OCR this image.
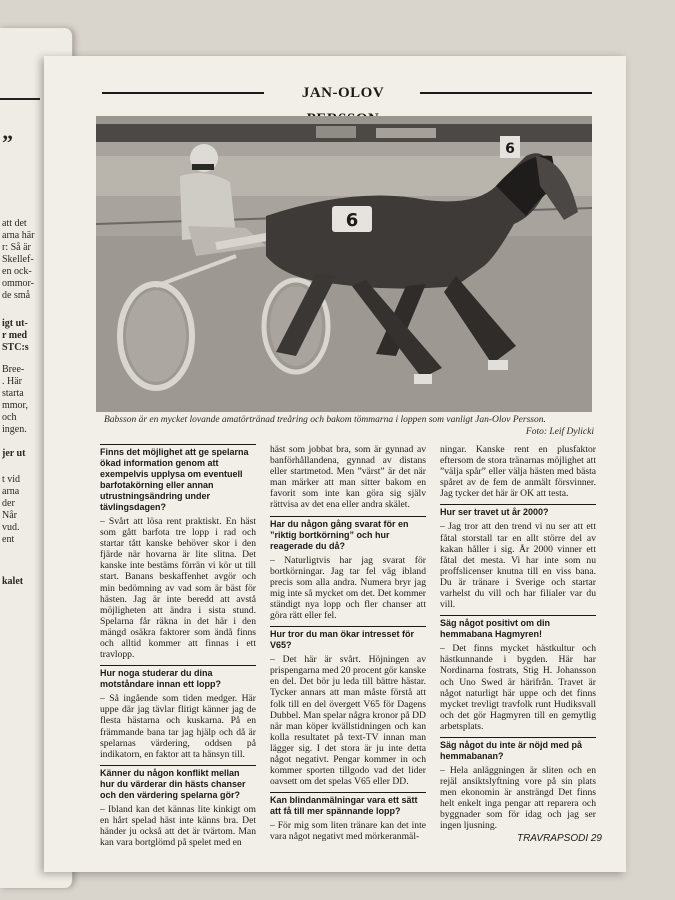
”
att det
arna här
r: Så är
Skellef-
en ock-
ommor-
de små
igt ut-
r med
STC:s
Bree-
. Här
starta
mmor,
och
ingen.
jer ut
t vid
arna
der
Når
vud.
ent
kalet
JAN-OLOV
6
6
Babsson är en mycket lovande amatörtränad treåring och bakom tömmarna i loppen som vanligt Jan-Olov Persson.
Foto: Leif Dylicki

Finns det möjlighet att ge spelarna ökad information genom att exempelvis upplysa om eventuell barfotakörning eller annan utrustningsändring under tävlingsdagen?

– Svårt att lösa rent praktiskt. En häst som gått barfota tre lopp i rad och startar tått kanske behöver skor i den fjärde när hovarna är lite slitna. Det kanske inte bestäms förrän vi kör ut till start. Banans beskaffenhet avgör och min bedömning av vad som är bäst för hästen. Jag är inte beredd att avstå möjligheten att ändra i sista stund. Spelarna får räkna in det här i den mängd osäkra faktorer som ändå finns och alltid kommer att finnas i ett travlopp.

Hur noga studerar du dina motståndare innan ett lopp?

– Så ingående som tiden medger. Här uppe där jag tävlar flitigt känner jag de flesta hästarna och kuskarna. På en främmande bana tar jag hjälp och då är spelarnas värdering, oddsen på indikatorn, en faktor att ta hänsyn till.

Känner du någon konflikt mellan hur du värderar din hästs chanser och den värdering spelarna gör?

– Ibland kan det kännas lite kinkigt om en hårt spelad häst inte känns bra. Det händer ju också att det är tvärtom. Man kan vara bortglömd på spelet med en

häst som jobbat bra, som är gynnad av banförhållandena, gynnad av distans eller startmetod. Men ”värst” är det när man märker att man sitter bakom en favorit som inte kan göra sig själv rättvisa av det ena eller andra skälet.

Har du någon gång svarat för en ”riktig bortkörning” och hur reagerade du då?

– Naturligtvis har jag svarat för bortkörningar. Jag tar fel väg ibland precis som alla andra. Numera bryr jag mig inte så mycket om det. Det kommer ständigt nya lopp och fler chanser att göra rätt eller fel.

Hur tror du man ökar intresset för V65?

– Det här är svårt. Höjningen av prispengarna med 20 procent gör kanske en del. Det bör ju leda till bättre hästar. Tycker annars att man måste förstå att folk till en del övergett V65 för Dagens Dubbel. Man spelar några kronor på DD när man köper kvällstidningen och kan kolla resultatet på text-TV innan man lägger sig. I det stora är ju inte detta något negativt. Pengar kommer in och kommer sporten tillgodo vad det lider oavsett om det spelas V65 eller DD.

Kan blindanmälningar vara ett sätt att få till mer spännande lopp?

– För mig som liten tränare kan det inte vara något negativt med mörkeranmäl-

ningar. Kanske rent en plusfaktor eftersom de stora tränarnas möjlighet att ”välja spår” eller välja hästen med bästa spåret av de fem de anmält försvinner. Jag tycker det här är OK att testa.

Hur ser travet ut år 2000?

– Jag tror att den trend vi nu ser att ett fåtal storstall tar en allt större del av kakan håller i sig. År 2000 vinner ett fåtal det mesta. Vi har inte som nu proffslicenser knutna till en viss bana. Du är tränare i Sverige och startar varhelst du vill och har filialer var du vill.

Säg något positivt om din hemmabana Hagmyren!

– Det finns mycket hästkultur och hästkunnande i bygden. Här har Nordinarna fostrats, Stig H. Johansson och Uno Swed är härifrån. Travet är något naturligt här uppe och det finns mycket trevligt travfolk runt Hudiksvall och det gör Hagmyren till en gemytlig arbetsplats.

Säg något du inte är nöjd med på hemmabanan?

– Hela anläggningen är sliten och en rejäl ansiktslyftning vore på sin plats men ekonomin är ansträngd Det finns helt enkelt inga pengar att reparera och byggnader som för idag och jag ser ingen ljusning.

TRAVRAPSODI 29
